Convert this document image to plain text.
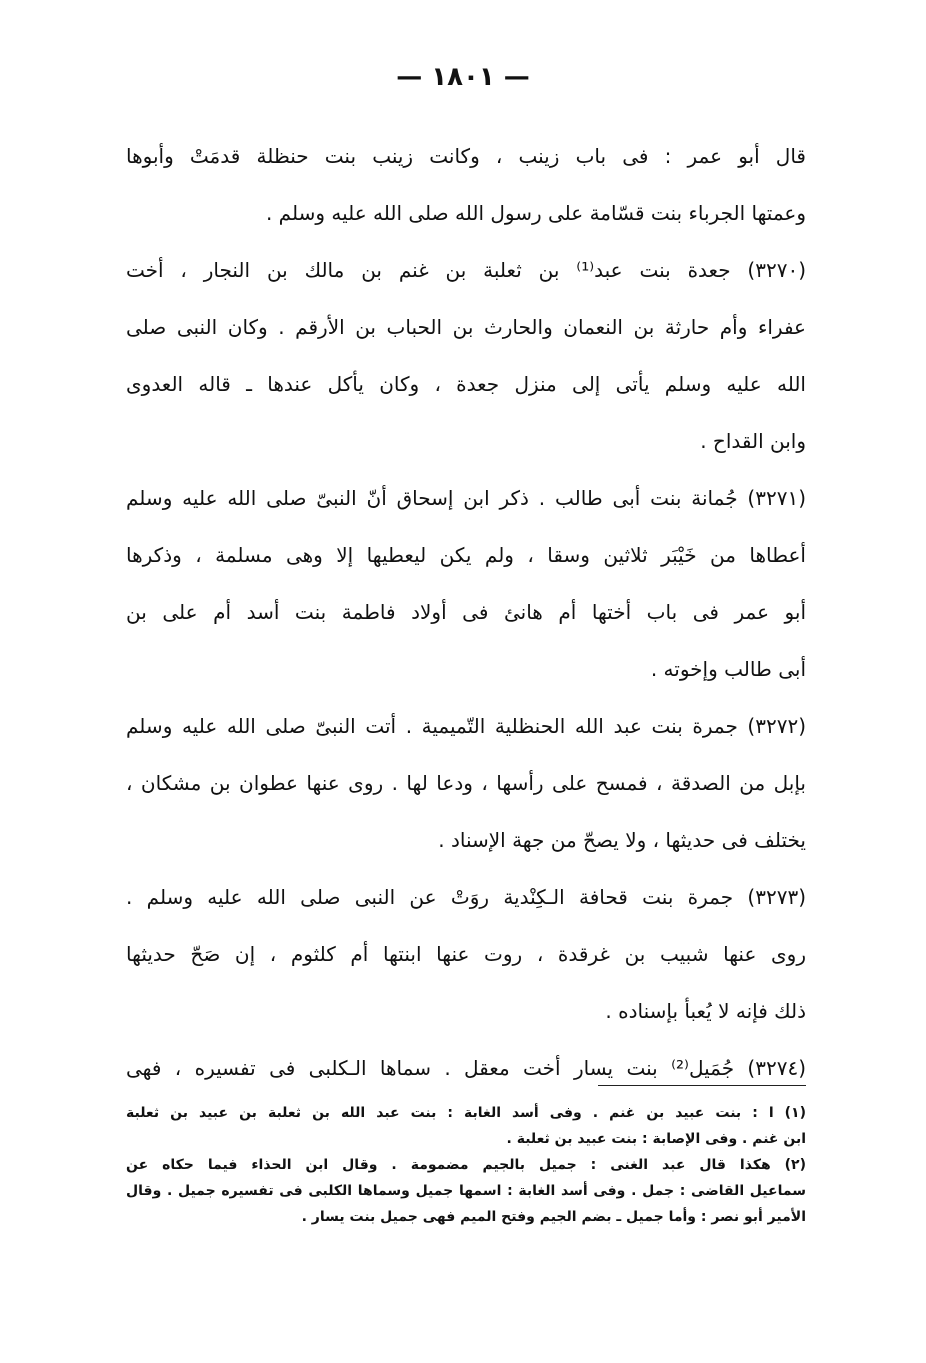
— ١٨٠١ —
قال أبو عمر : فى باب زينب ، وكانت زينب بنت حنظلة قدمَتْ وأبوها
وعمتها الجرباء بنت قسّامة على رسول الله صلى الله عليه وسلم .
(٣٢٧٠) جعدة بنت عبد⁽¹⁾ بن ثعلبة بن غنم بن مالك بن النجار ، أخت
عفراء وأم حارثة بن النعمان والحارث بن الحباب بن الأرقم . وكان النبى صلى
الله عليه وسلم يأتى إلى منزل جعدة ، وكان يأكل عندها ـ قاله العدوى
وابن القداح .
(٣٢٧١) جُمانة بنت أبى طالب . ذكر ابن إسحاق أنّ النبىّ صلى الله عليه وسلم
أعطاها من خَيْبَر ثلاثين وسقا ، ولم يكن ليعطيها إلا وهى مسلمة ، وذكرها
أبو عمر فى باب أختها أم هانئ فى أولاد فاطمة بنت أسد أم على بن
أبى طالب وإخوته .
(٣٢٧٢) جمرة بنت عبد الله الحنظلية التّميمية . أتت النبىّ صلى الله عليه وسلم
بإبل من الصدقة ، فمسح على رأسها ، ودعا لها . روى عنها عطوان بن مشكان ،
يختلف فى حديثها ، ولا يصحّ من جهة الإسناد .
(٣٢٧٣) جمرة بنت قحافة الـكِنْدية روَتْ عن النبى صلى الله عليه وسلم .
روى عنها شبيب بن غرقدة ، روت عنها ابنتها أم كلثوم ، إن صَحّ حديثها
ذلك فإنه لا يُعبأ بإسناده .
(٣٢٧٤) جُمَيل⁽²⁾ بنت يسار أخت معقل . سماها الـكلبى فى تفسيره ، فهى
(١) ا : بنت عبيد بن غنم . وفى أسد الغابة : بنت عبد الله بن ثعلبة بن عبيد بن ثعلبة
ابن غنم . وفى الإصابة : بنت عبيد بن ثعلبة .
(٢) هكذا قال عبد الغنى : جميل بالجيم مضمومة . وقال ابن الحذاء فيما حكاه عن
سماعيل القاضى : جمل . وفى أسد الغابة : اسمها جميل وسماها الكلبى فى تفسيره جميل . وقال
الأمير أبو نصر : وأما جميل ـ بضم الجيم وفتح الميم فهى جميل بنت يسار .
